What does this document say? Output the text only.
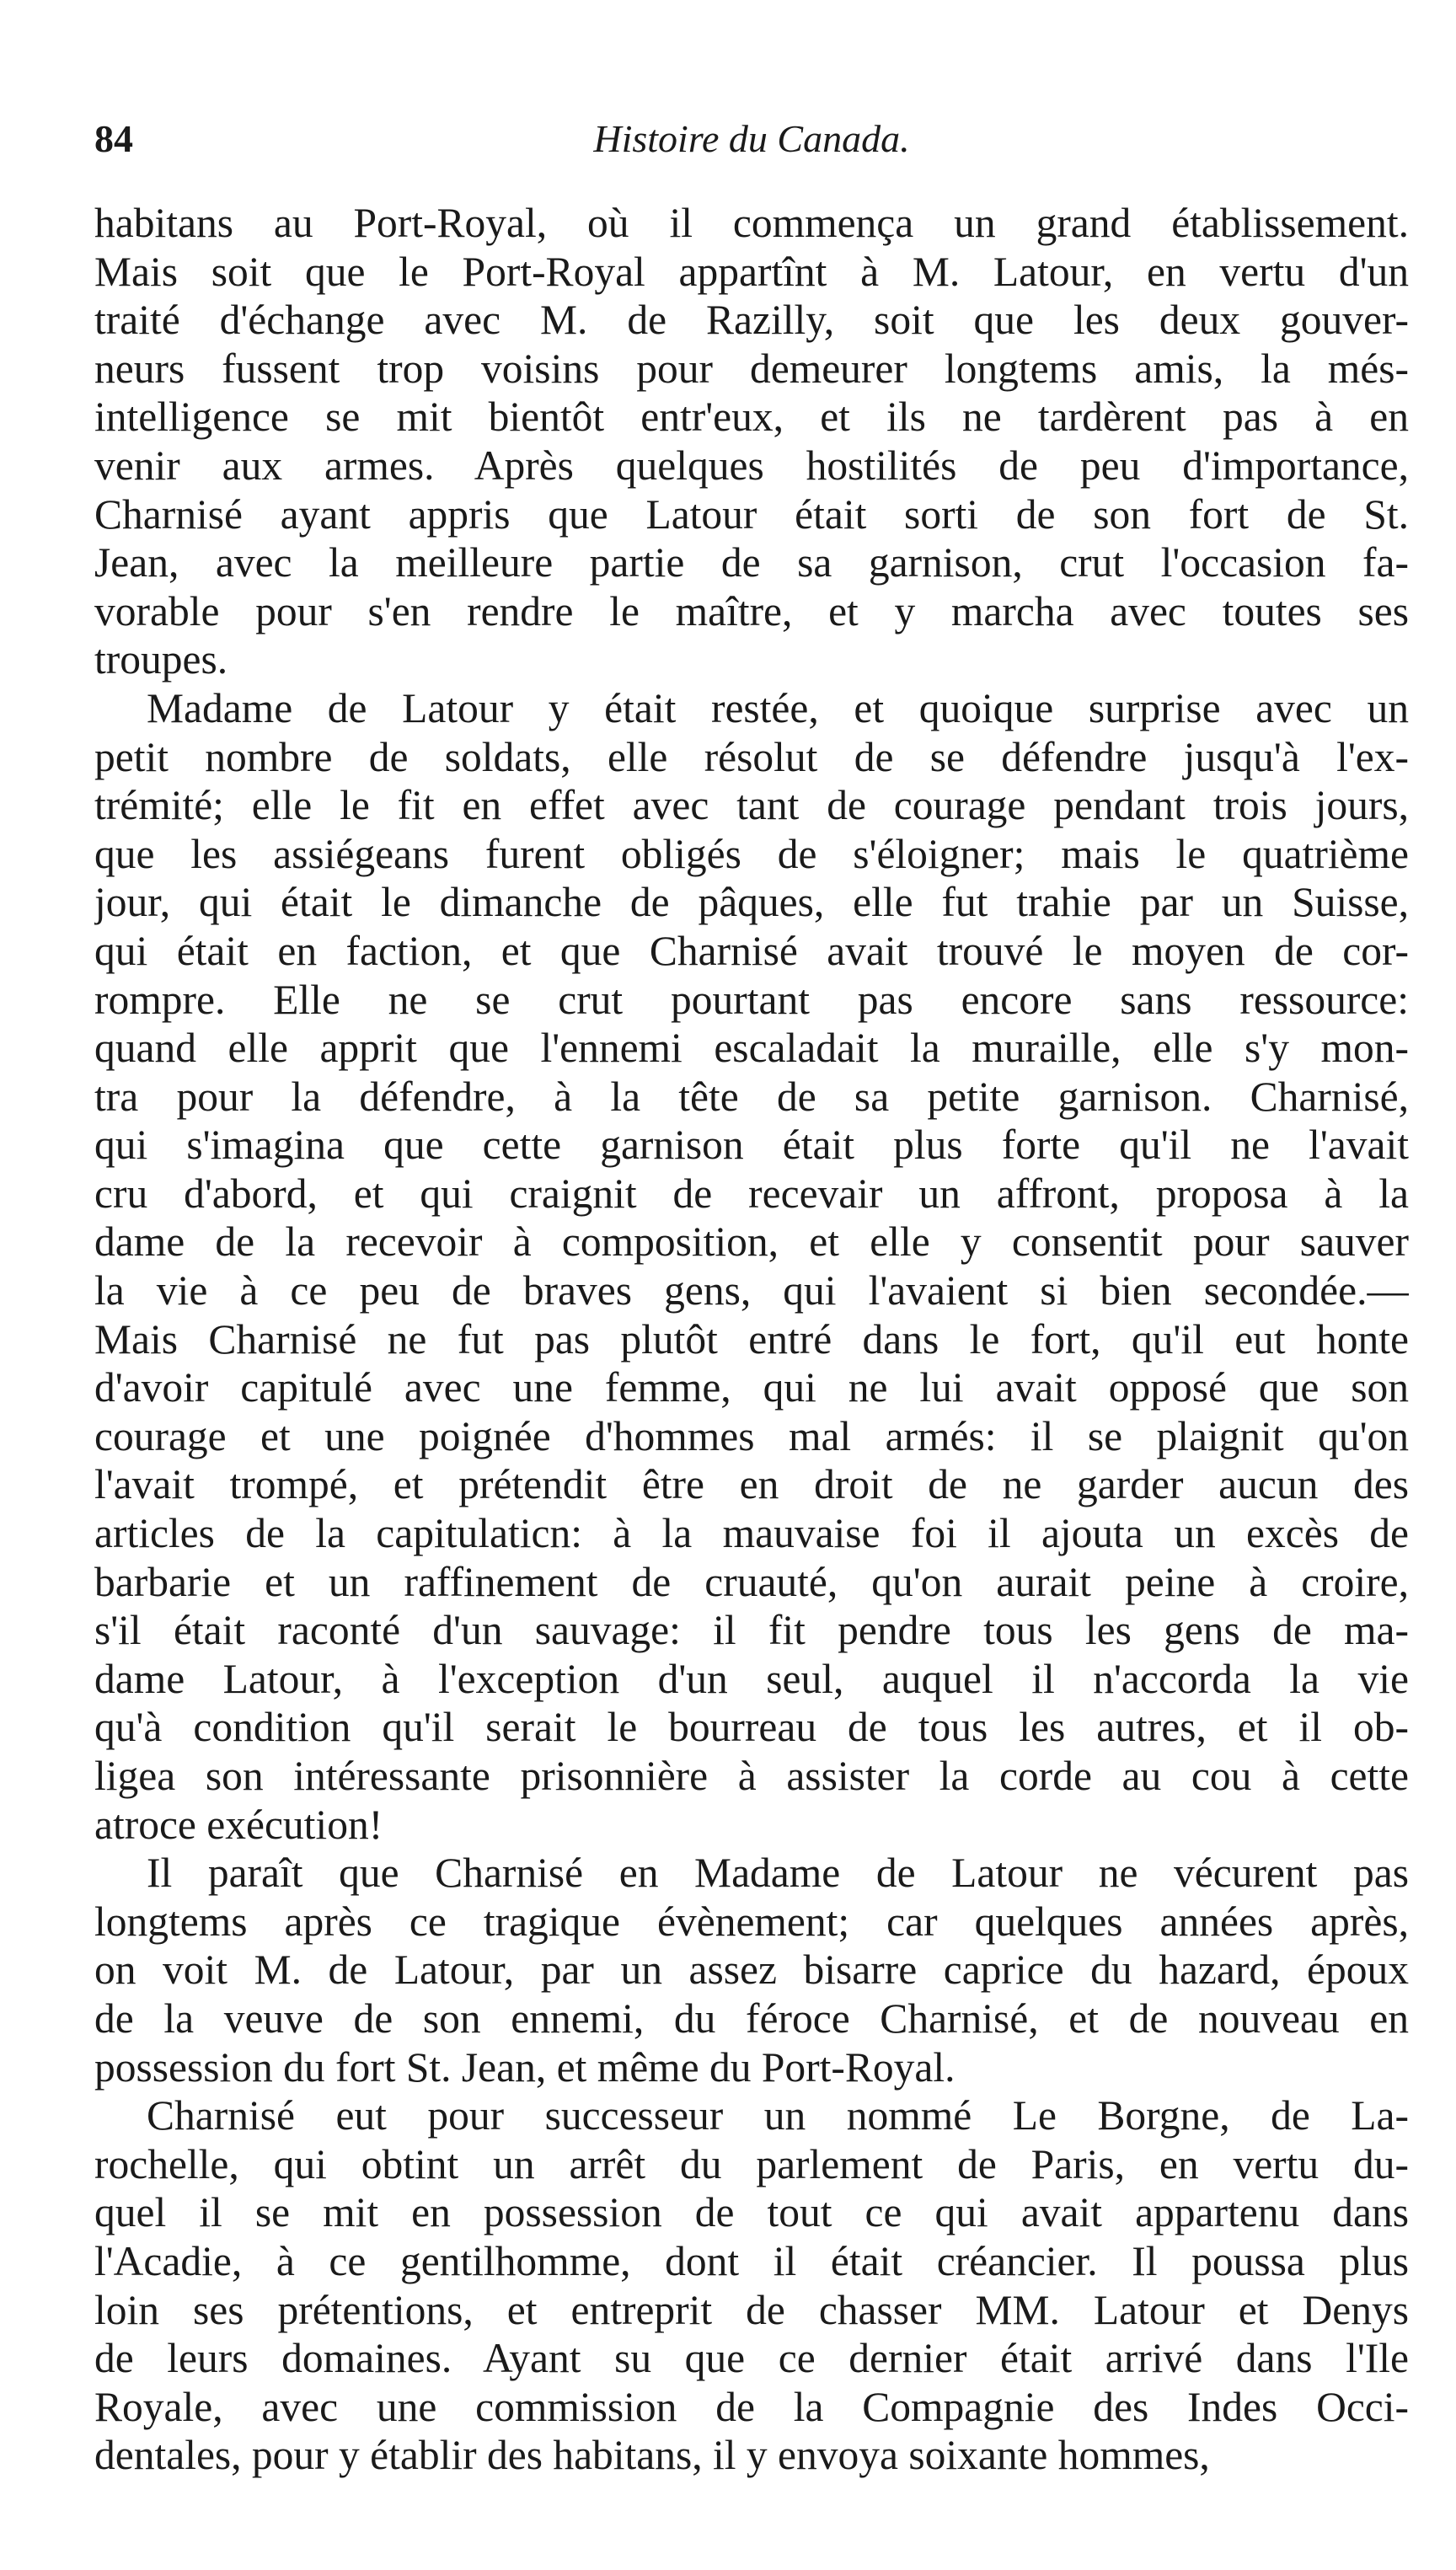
84	Histoire du Canada.
habitans au Port-Royal, où il commença un grand établissement.
Mais soit que le Port-Royal appartînt à M. Latour, en vertu d'un
traité d'échange avec M. de Razilly, soit que les deux gouver-
neurs fussent trop voisins pour demeurer longtems amis, la més-
intelligence se mit bientôt entr'eux, et ils ne tardèrent pas à en
venir aux armes. Après quelques hostilités de peu d'importance,
Charnisé ayant appris que Latour était sorti de son fort de St.
Jean, avec la meilleure partie de sa garnison, crut l'occasion fa-
vorable pour s'en rendre le maître, et y marcha avec toutes ses
troupes.
Madame de Latour y était restée, et quoique surprise avec un
petit nombre de soldats, elle résolut de se défendre jusqu'à l'ex-
trémité; elle le fit en effet avec tant de courage pendant trois jours,
que les assiégeans furent obligés de s'éloigner; mais le quatrième
jour, qui était le dimanche de pâques, elle fut trahie par un Suisse,
qui était en faction, et que Charnisé avait trouvé le moyen de cor-
rompre. Elle ne se crut pourtant pas encore sans ressource:
quand elle apprit que l'ennemi escaladait la muraille, elle s'y mon-
tra pour la défendre, à la tête de sa petite garnison. Charnisé,
qui s'imagina que cette garnison était plus forte qu'il ne l'avait
cru d'abord, et qui craignit de recevair un affront, proposa à la
dame de la recevoir à composition, et elle y consentit pour sauver
la vie à ce peu de braves gens, qui l'avaient si bien secondée.—
Mais Charnisé ne fut pas plutôt entré dans le fort, qu'il eut honte
d'avoir capitulé avec une femme, qui ne lui avait opposé que son
courage et une poignée d'hommes mal armés: il se plaignit qu'on
l'avait trompé, et prétendit être en droit de ne garder aucun des
articles de la capitulaticn: à la mauvaise foi il ajouta un excès de
barbarie et un raffinement de cruauté, qu'on aurait peine à croire,
s'il était raconté d'un sauvage: il fit pendre tous les gens de ma-
dame Latour, à l'exception d'un seul, auquel il n'accorda la vie
qu'à condition qu'il serait le bourreau de tous les autres, et il ob-
ligea son intéressante prisonnière à assister la corde au cou à cette
atroce exécution!
Il paraît que Charnisé en Madame de Latour ne vécurent pas
longtems après ce tragique évènement; car quelques années après,
on voit M. de Latour, par un assez bisarre caprice du hazard, époux
de la veuve de son ennemi, du féroce Charnisé, et de nouveau en
possession du fort St. Jean, et même du Port-Royal.
Charnisé eut pour successeur un nommé Le Borgne, de La-
rochelle, qui obtint un arrêt du parlement de Paris, en vertu du-
quel il se mit en possession de tout ce qui avait appartenu dans
l'Acadie, à ce gentilhomme, dont il était créancier. Il poussa plus
loin ses prétentions, et entreprit de chasser MM. Latour et Denys
de leurs domaines. Ayant su que ce dernier était arrivé dans l'Ile
Royale, avec une commission de la Compagnie des Indes Occi-
dentales, pour y établir des habitans, il y envoya soixante hommes,
